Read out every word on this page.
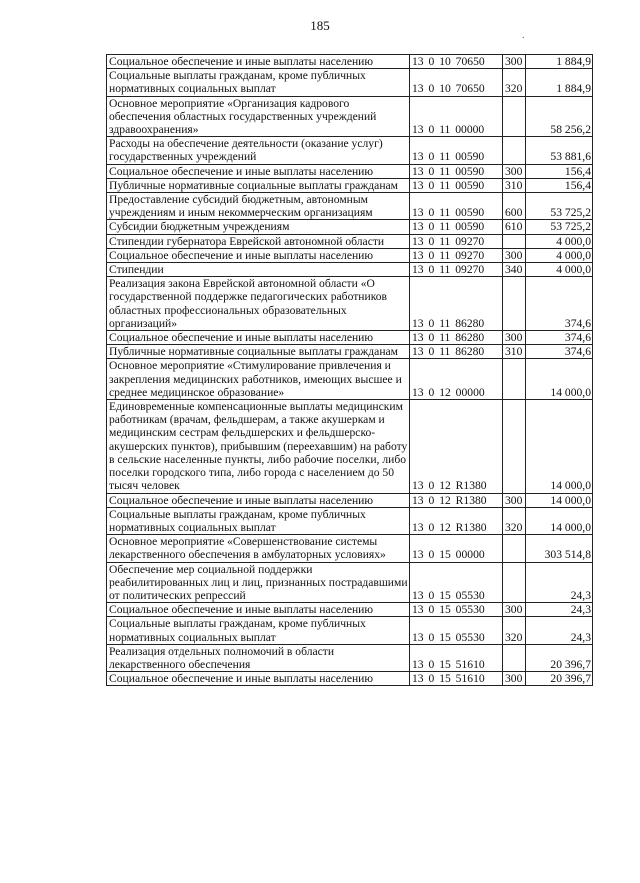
185
.
Социальное обеспечение и иные выплаты населению	13 0 10 70650	300	1 884,9
Социальные выплаты гражданам, кроме публичных нормативных социальных выплат	13 0 10 70650	320	1 884,9
Основное мероприятие «Организация кадрового обеспечения областных государственных учреждений здравоохранения»	13 0 11 00000		58 256,2
Расходы на обеспечение деятельности (оказание услуг) государственных учреждений	13 0 11 00590		53 881,6
Социальное обеспечение и иные выплаты населению	13 0 11 00590	300	156,4
Публичные нормативные социальные выплаты гражданам	13 0 11 00590	310	156,4
Предоставление субсидий бюджетным, автономным учреждениям и иным некоммерческим организациям	13 0 11 00590	600	53 725,2
Субсидии бюджетным учреждениям	13 0 11 00590	610	53 725,2
Стипендии губернатора Еврейской автономной области	13 0 11 09270		4 000,0
Социальное обеспечение и иные выплаты населению	13 0 11 09270	300	4 000,0
Стипендии	13 0 11 09270	340	4 000,0
Реализация закона Еврейской автономной области «О государственной поддержке педагогических работников областных профессиональных образовательных организаций»	13 0 11 86280		374,6
Социальное обеспечение и иные выплаты населению	13 0 11 86280	300	374,6
Публичные нормативные социальные выплаты гражданам	13 0 11 86280	310	374,6
Основное мероприятие «Стимулирование привлечения и закрепления медицинских работников, имеющих высшее и среднее медицинское образование»	13 0 12 00000		14 000,0
Единовременные компенсационные выплаты медицинским работникам (врачам, фельдшерам, а также акушеркам и медицинским сестрам фельдшерских и фельдшерско-акушерских пунктов), прибывшим (переехавшим) на работу в сельские населенные пункты, либо рабочие поселки, либо поселки городского типа, либо города с населением до 50 тысяч человек	13 0 12 R1380		14 000,0
Социальное обеспечение и иные выплаты населению	13 0 12 R1380	300	14 000,0
Социальные выплаты гражданам, кроме публичных нормативных социальных выплат	13 0 12 R1380	320	14 000,0
Основное мероприятие «Совершенствование системы лекарственного обеспечения в амбулаторных условиях»	13 0 15 00000		303 514,8
Обеспечение мер социальной поддержки реабилитированных лиц и лиц, признанных пострадавшими от политических репрессий	13 0 15 05530		24,3
Социальное обеспечение и иные выплаты населению	13 0 15 05530	300	24,3
Социальные выплаты гражданам, кроме публичных нормативных социальных выплат	13 0 15 05530	320	24,3
Реализация отдельных полномочий в области лекарственного обеспечения	13 0 15 51610		20 396,7
Социальное обеспечение и иные выплаты населению	13 0 15 51610	300	20 396,7
